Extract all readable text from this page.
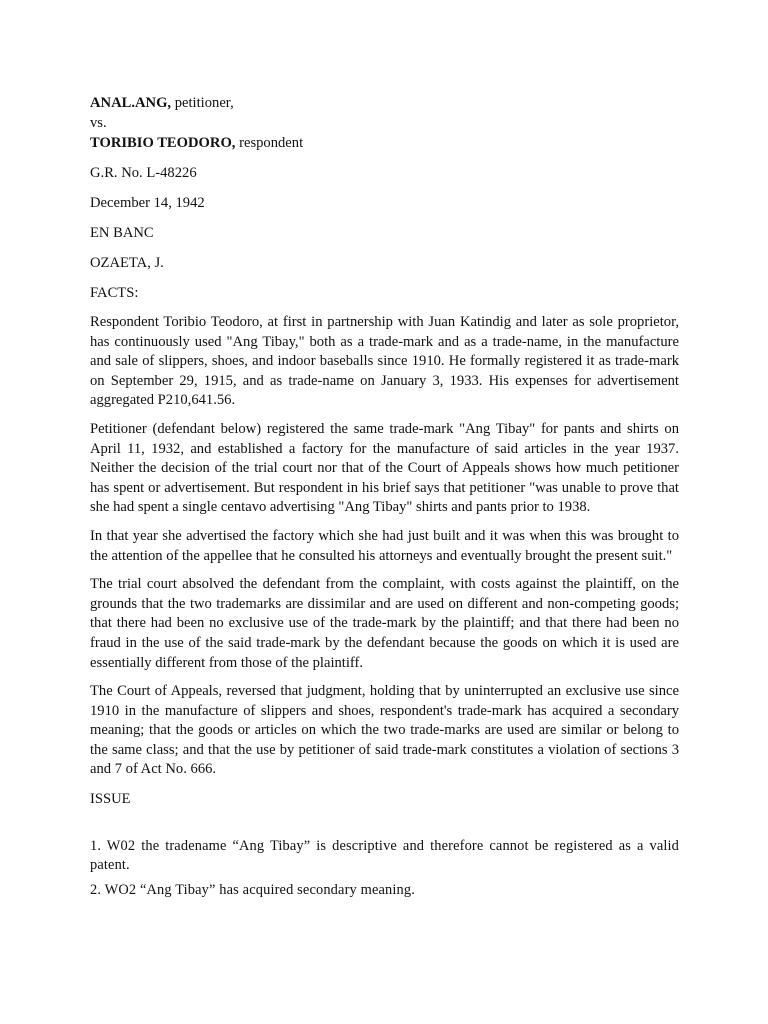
ANAL.ANG, petitioner,
vs.
TORIBIO TEODORO, respondent
G.R. No. L-48226
December 14, 1942
EN BANC
OZAETA, J.
FACTS:

Respondent Toribio Teodoro, at first in partnership with Juan Katindig and later as sole proprietor, has continuously used "Ang Tibay," both as a trade-mark and as a trade-name, in the manufacture and sale of slippers, shoes, and indoor baseballs since 1910. He formally registered it as trade-mark on September 29, 1915, and as trade-name on January 3, 1933. His expenses for advertisement aggregated P210,641.56.

Petitioner (defendant below) registered the same trade-mark "Ang Tibay" for pants and shirts on April 11, 1932, and established a factory for the manufacture of said articles in the year 1937. Neither the decision of the trial court nor that of the Court of Appeals shows how much petitioner has spent or advertisement. But respondent in his brief says that petitioner "was unable to prove that she had spent a single centavo advertising "Ang Tibay" shirts and pants prior to 1938.

In that year she advertised the factory which she had just built and it was when this was brought to the attention of the appellee that he consulted his attorneys and eventually brought the present suit."

The trial court absolved the defendant from the complaint, with costs against the plaintiff, on the grounds that the two trademarks are dissimilar and are used on different and non-competing goods; that there had been no exclusive use of the trade-mark by the plaintiff; and that there had been no fraud in the use of the said trade-mark by the defendant because the goods on which it is used are essentially different from those of the plaintiff.

The Court of Appeals, reversed that judgment, holding that by uninterrupted an exclusive use since 1910 in the manufacture of slippers and shoes, respondent's trade-mark has acquired a secondary meaning; that the goods or articles on which the two trade-marks are used are similar or belong to the same class; and that the use by petitioner of said trade-mark constitutes a violation of sections 3 and 7 of Act No. 666.

ISSUE

1. W02 the tradename “Ang Tibay” is descriptive and therefore cannot be registered as a valid patent.

2. WO2 “Ang Tibay” has acquired secondary meaning.
